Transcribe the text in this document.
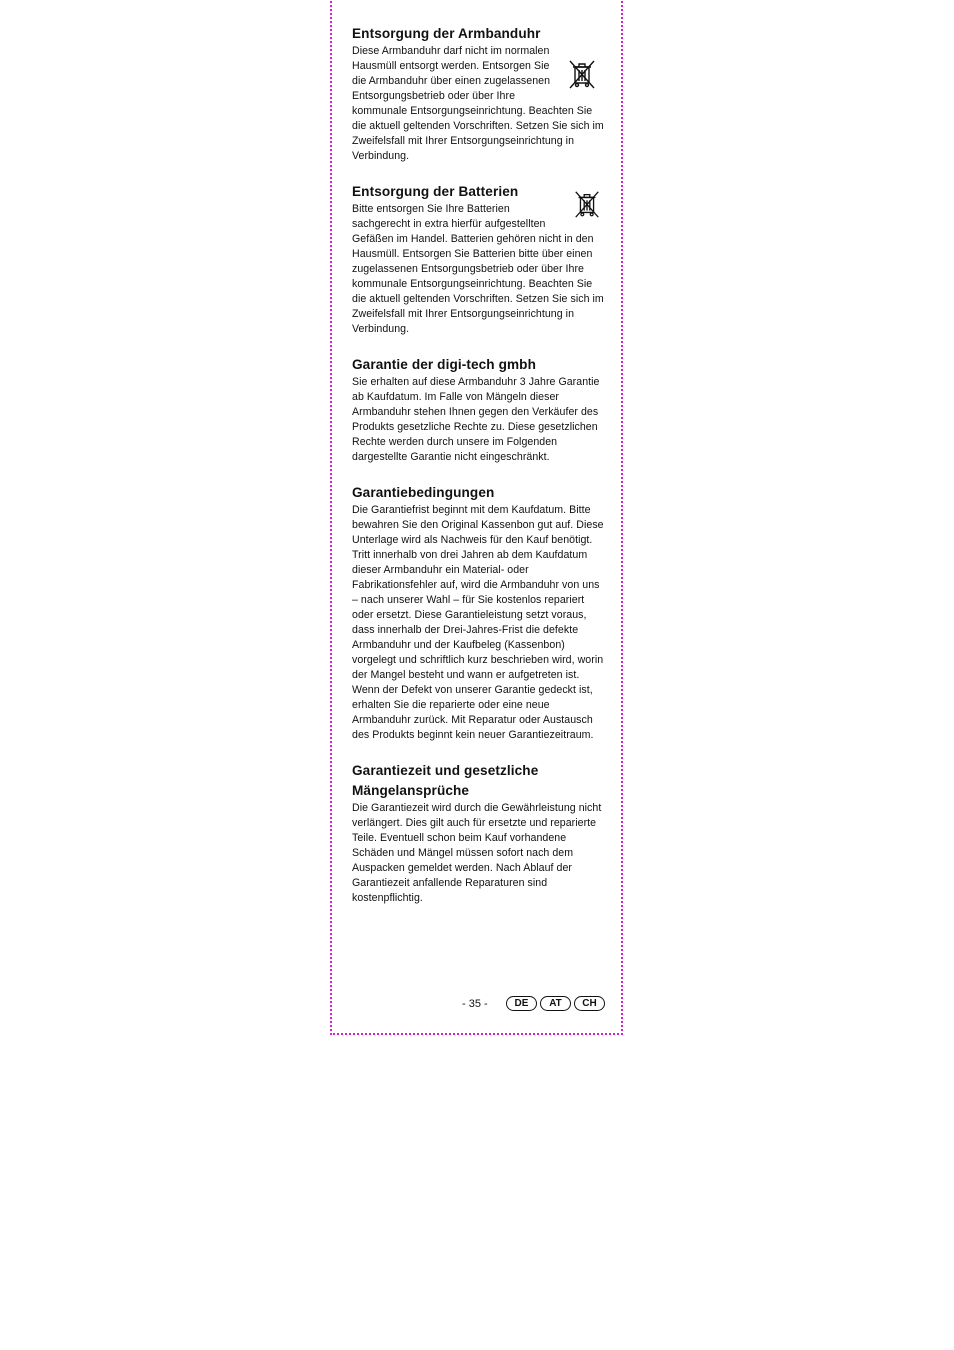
Entsorgung der Armbanduhr

Diese Armbanduhr darf nicht im normalen Hausmüll entsorgt werden. Entsorgen Sie die Armbanduhr über einen zugelassenen Entsorgungsbetrieb oder über Ihre kommunale Entsorgungseinrichtung. Beachten Sie die aktuell geltenden Vorschriften. Setzen Sie sich im Zweifelsfall mit Ihrer Entsorgungseinrichtung in Verbindung.

Entsorgung der Batterien

Bitte entsorgen Sie Ihre Batterien sachgerecht in extra hierfür aufgestellten Gefäßen im Handel. Batterien gehören nicht in den Hausmüll. Entsorgen Sie Batterien bitte über einen zugelassenen Entsorgungsbetrieb oder über Ihre kommunale Entsorgungseinrichtung. Beachten Sie die aktuell geltenden Vorschriften. Setzen Sie sich im Zweifelsfall mit Ihrer Entsorgungseinrichtung in Verbindung.

Garantie der digi-tech gmbh

Sie erhalten auf diese Armbanduhr 3 Jahre Garantie ab Kaufdatum. Im Falle von Mängeln dieser Armbanduhr stehen Ihnen gegen den Verkäufer des Produkts gesetzliche Rechte zu. Diese gesetzlichen Rechte werden durch unsere im Folgenden dargestellte Garantie nicht eingeschränkt.

Garantiebedingungen

Die Garantiefrist beginnt mit dem Kaufdatum. Bitte bewahren Sie den Original Kassenbon gut auf. Diese Unterlage wird als Nachweis für den Kauf benötigt. Tritt innerhalb von drei Jahren ab dem Kaufdatum dieser Armbanduhr ein Material- oder Fabrikationsfehler auf, wird die Armbanduhr von uns – nach unserer Wahl – für Sie kostenlos repariert oder ersetzt. Diese Garantieleistung setzt voraus, dass innerhalb der Drei-Jahres-Frist die defekte Armbanduhr und der Kaufbeleg (Kassenbon) vorgelegt und schriftlich kurz beschrieben wird, worin der Mangel besteht und wann er aufgetreten ist. Wenn der Defekt von unserer Garantie gedeckt ist, erhalten Sie die reparierte oder eine neue Armbanduhr zurück. Mit Reparatur oder Austausch des Produkts beginnt kein neuer Garantiezeitraum.

Garantiezeit und gesetzliche Mängelansprüche

Die Garantiezeit wird durch die Gewährleistung nicht verlängert. Dies gilt auch für ersetzte und reparierte Teile. Eventuell schon beim Kauf vorhandene Schäden und Mängel müssen sofort nach dem Auspacken gemeldet werden. Nach Ablauf der Garantiezeit anfallende Reparaturen sind kostenpflichtig.

- 35 -	DE	AT	CH
